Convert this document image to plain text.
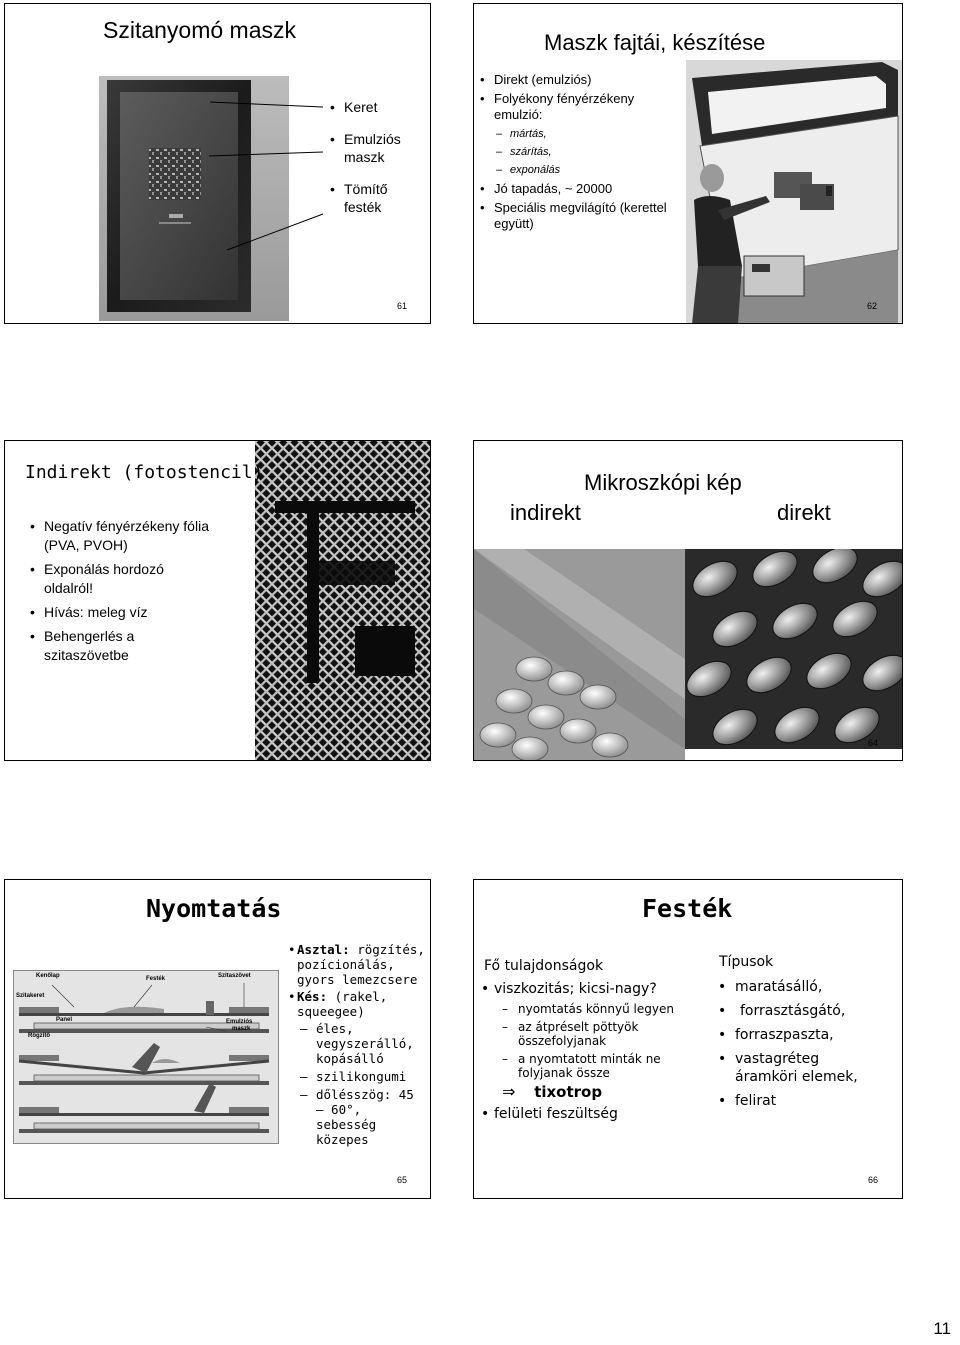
Szitanyomó maszk
• Keret
• Emulziós maszk
• Tömítő festék
61
Maszk fajtái, készítése
• Direkt (emulziós)
• Folyékony fényérzékeny emulzió:
– mártás,
– szárítás,
– exponálás
• Jó tapadás, ~ 20000
• Speciális megvilágító (kerettel együtt)
62
Indirekt (fotostencil)
• Negatív fényérzékeny fólia (PVA, PVOH)
• Exponálás hordozó oldalról!
• Hívás: meleg víz
• Behengerlés a szitaszövetbe
Mikroszkópi kép
indirekt	direkt
64
Nyomtatás
Kenőlap	Festék	Szitaszövet
Szitakeret
Panel	Emulziós
maszk
Rögzítő
• Asztal: rögzítés, pozícionálás, gyors lemezcsere
• Kés: (rakel, squeegee)
– éles, vegyszerálló, kopásálló
– szilikongumi
– dőlésszög: 45 – 60°, sebesség közepes
65
Festék
Fő tulajdonságok
• viszkozitás; kicsi-nagy?
– nyomtatás könnyű legyen
– az átpréselt pöttyök összefolyjanak
– a nyomtatott minták ne folyjanak össze
⇒ tixotrop
• felületi feszültség
Típusok
• maratásálló,
• forrasztásgátó,
• forraszpaszta,
• vastagréteg áramköri elemek,
• felirat
66
11
